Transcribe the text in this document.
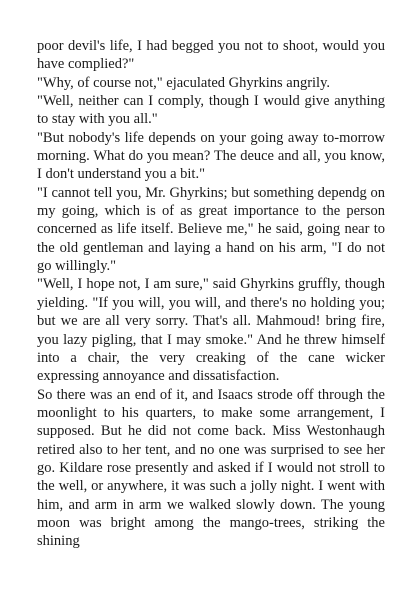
poor devil's life, I had begged you not to shoot, would you have complied?"

"Why, of course not," ejaculated Ghyrkins angrily.

"Well, neither can I comply, though I would give anything to stay with you all."

"But nobody's life depends on your going away to-morrow morning. What do you mean? The deuce and all, you know, I don't understand you a bit."

"I cannot tell you, Mr. Ghyrkins; but something dependg on my going, which is of as great importance to the person concerned as life itself. Believe me," he said, going near to the old gentleman and laying a hand on his arm, "I do not go willingly."

"Well, I hope not, I am sure," said Ghyrkins gruffly, though yielding. "If you will, you will, and there's no holding you; but we are all very sorry. That's all. Mahmoud! bring fire, you lazy pigling, that I may smoke." And he threw himself into a chair, the very creaking of the cane wicker expressing annoyance and dissatisfaction.

So there was an end of it, and Isaacs strode off through the moonlight to his quarters, to make some arrangement, I supposed. But he did not come back. Miss Westonhaugh retired also to her tent, and no one was surprised to see her go. Kildare rose presently and asked if I would not stroll to the well, or anywhere, it was such a jolly night. I went with him, and arm in arm we walked slowly down. The young moon was bright among the mango-trees, striking the shining
